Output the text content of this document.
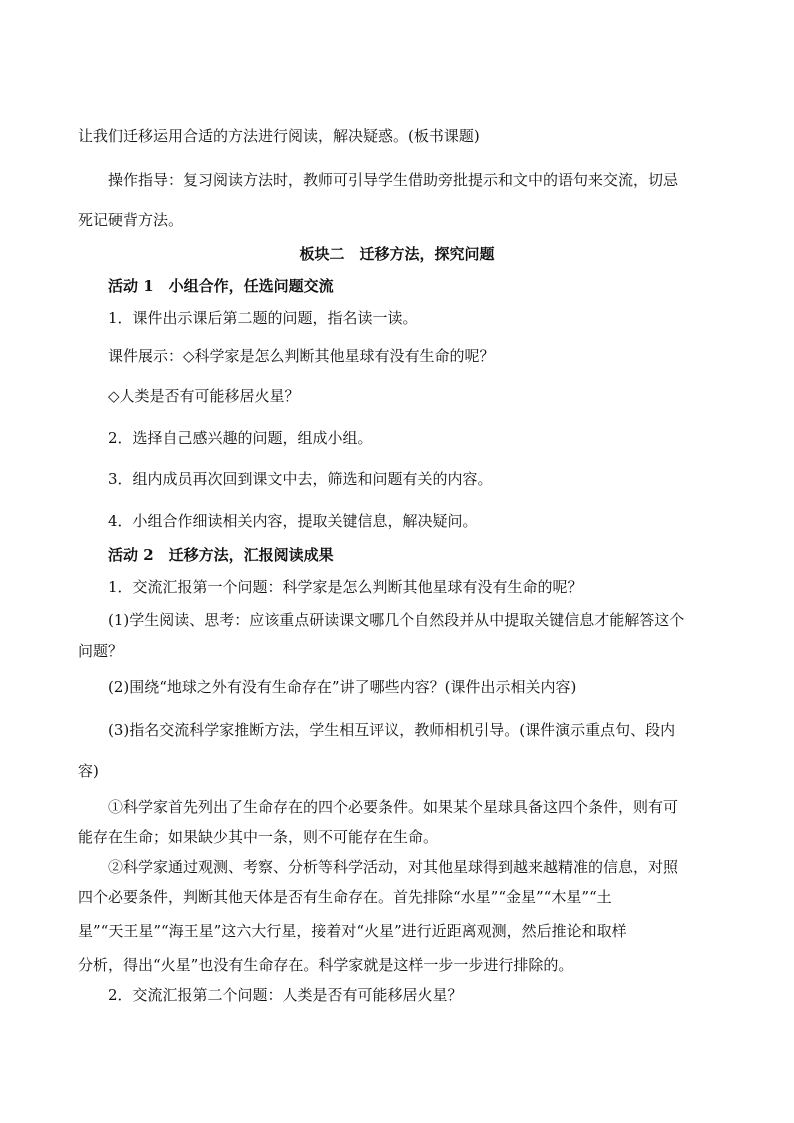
让我们迁移运用合适的方法进行阅读，解决疑惑。(板书课题)
操作指导：复习阅读方法时，教师可引导学生借助旁批提示和文中的语句来交流，切忌
死记硬背方法。
板块二　迁移方法，探究问题
活动 1　小组合作，任选问题交流
1．课件出示课后第二题的问题，指名读一读。
课件展示：◇科学家是怎么判断其他星球有没有生命的呢？
◇人类是否有可能移居火星？
2．选择自己感兴趣的问题，组成小组。
3．组内成员再次回到课文中去，筛选和问题有关的内容。
4．小组合作细读相关内容，提取关键信息，解决疑问。
活动 2　迁移方法，汇报阅读成果
1．交流汇报第一个问题：科学家是怎么判断其他星球有没有生命的呢？
(1)学生阅读、思考：应该重点研读课文哪几个自然段并从中提取关键信息才能解答这个
问题？
(2)围绕“地球之外有没有生命存在”讲了哪些内容？(课件出示相关内容)
(3)指名交流科学家推断方法，学生相互评议，教师相机引导。(课件演示重点句、段内
容)
①科学家首先列出了生命存在的四个必要条件。如果某个星球具备这四个条件，则有可
能存在生命；如果缺少其中一条，则不可能存在生命。
②科学家通过观测、考察、分析等科学活动，对其他星球得到越来越精准的信息，对照
四个必要条件，判断其他天体是否有生命存在。首先排除“水星”“金星”“木星”“土
星”“天王星”“海王星”这六大行星，接着对“火星”进行近距离观测，然后推论和取样
分析，得出“火星”也没有生命存在。科学家就是这样一步一步进行排除的。
2．交流汇报第二个问题：人类是否有可能移居火星？
